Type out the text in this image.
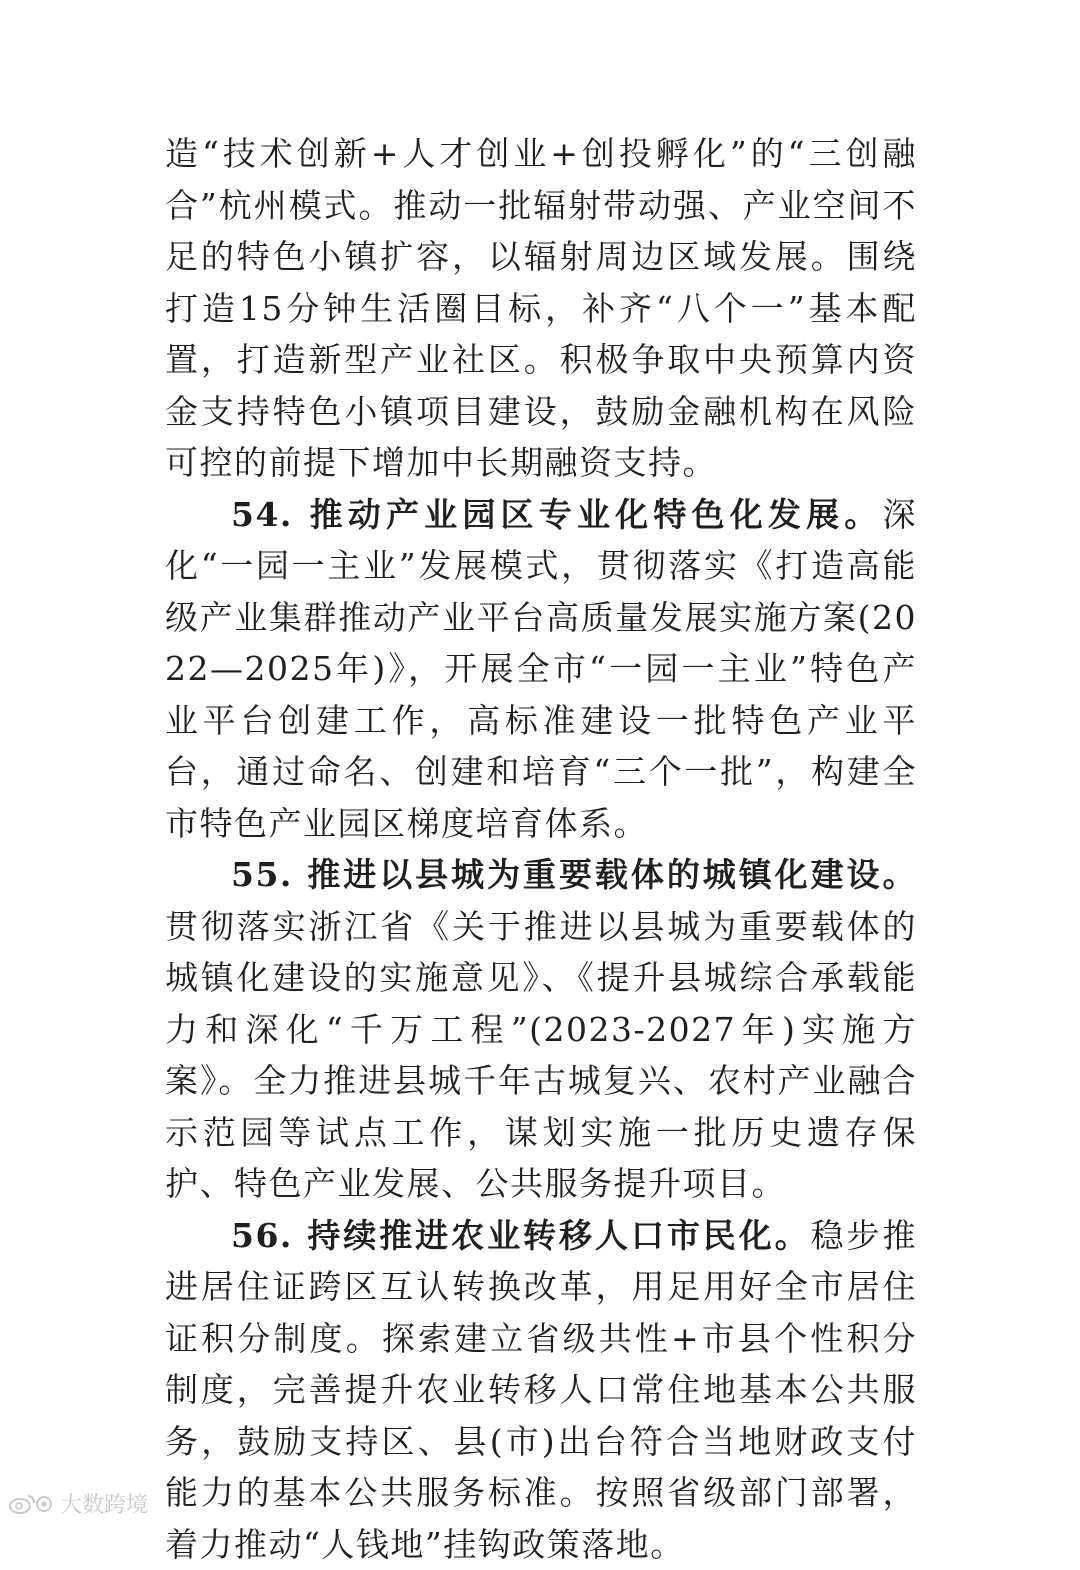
造“技术创新+人才创业+创投孵化”的“三创融合”杭州模式。推动一批辐射带动强、产业空间不足的特色小镇扩容，以辐射周边区域发展。围绕打造15分钟生活圈目标，补齐“八个一”基本配置，打造新型产业社区。积极争取中央预算内资金支持特色小镇项目建设，鼓励金融机构在风险可控的前提下增加中长期融资支持。

54. 推动产业园区专业化特色化发展。深化“一园一主业”发展模式，贯彻落实《打造高能级产业集群推动产业平台高质量发展实施方案(2022—2025年)》，开展全市“一园一主业”特色产业平台创建工作，高标准建设一批特色产业平台，通过命名、创建和培育“三个一批”，构建全市特色产业园区梯度培育体系。

55. 推进以县城为重要载体的城镇化建设。贯彻落实浙江省《关于推进以县城为重要载体的城镇化建设的实施意见》、《提升县城综合承载能力和深化“千万工程”(2023-2027年)实施方案》。全力推进县城千年古城复兴、农村产业融合示范园等试点工作，谋划实施一批历史遗存保护、特色产业发展、公共服务提升项目。

56. 持续推进农业转移人口市民化。稳步推进居住证跨区互认转换改革，用足用好全市居住证积分制度。探索建立省级共性+市县个性积分制度，完善提升农业转移人口常住地基本公共服务，鼓励支持区、县(市)出台符合当地财政支付能力的基本公共服务标准。按照省级部门部署，着力推动“人钱地”挂钩政策落地。

大数跨境
